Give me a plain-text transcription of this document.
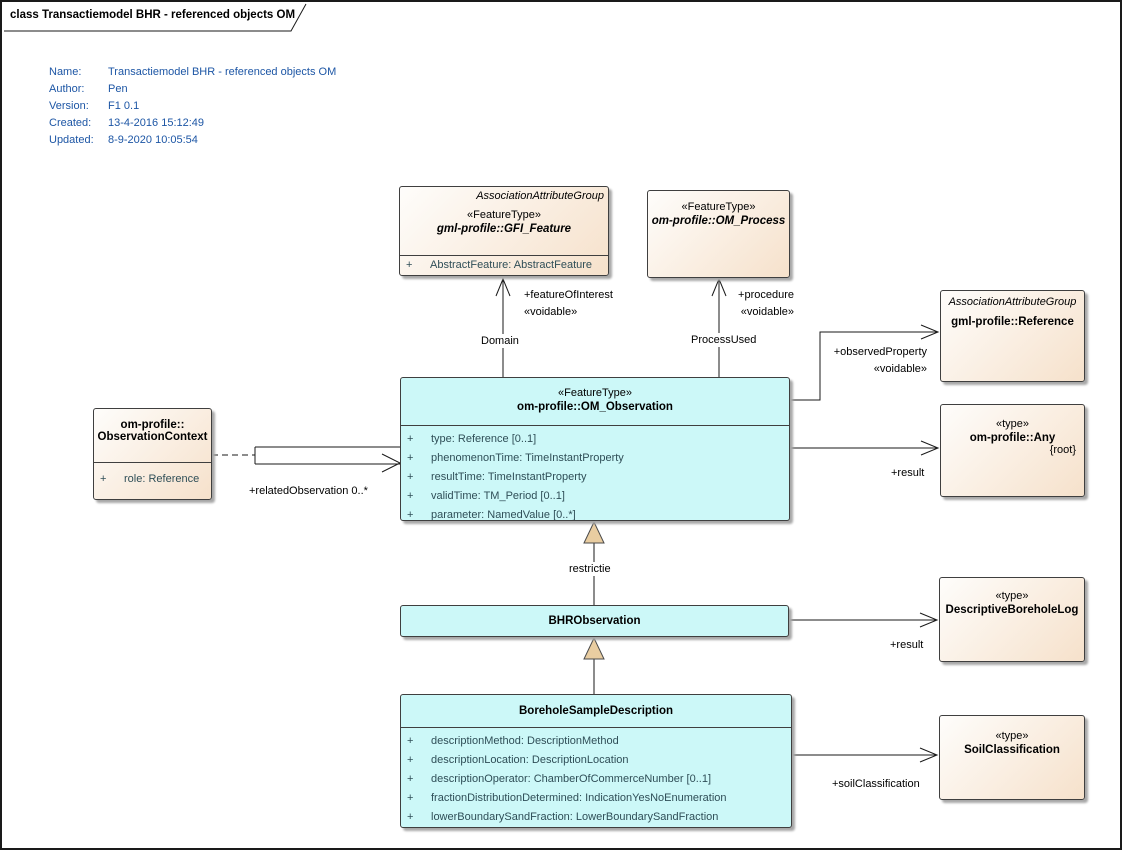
class Transactiemodel BHR - referenced objects OM
Name:	Transactiemodel BHR - referenced objects OM
Author:	Pen
Version:	F1 0.1
Created:	13-4-2016 15:12:49
Updated:	8-9-2020 10:05:54
AssociationAttributeGroup
«FeatureType»
gml-profile::GFI_Feature
+	AbstractFeature: AbstractFeature
«FeatureType»
om-profile::OM_Process
AssociationAttributeGroup
gml-profile::Reference
«FeatureType»
om-profile::OM_Observation
+	type: Reference [0..1]
+	phenomenonTime: TimeInstantProperty
+	resultTime: TimeInstantProperty
+	validTime: TM_Period [0..1]
+	parameter: NamedValue [0..*]
om-profile::
ObservationContext
+	role: Reference
«type»
om-profile::Any
{root}
BHRObservation
«type»
DescriptiveBoreholeLog
BoreholeSampleDescription
+	descriptionMethod: DescriptionMethod
+	descriptionLocation: DescriptionLocation
+	descriptionOperator: ChamberOfCommerceNumber [0..1]
+	fractionDistributionDetermined: IndicationYesNoEnumeration
+	lowerBoundarySandFraction: LowerBoundarySandFraction
«type»
SoilClassification
+featureOfInterest
«voidable»
Domain
+procedure
«voidable»
ProcessUsed
+observedProperty
«voidable»
+result
+relatedObservation 0..*
restrictie
+result
+soilClassification
